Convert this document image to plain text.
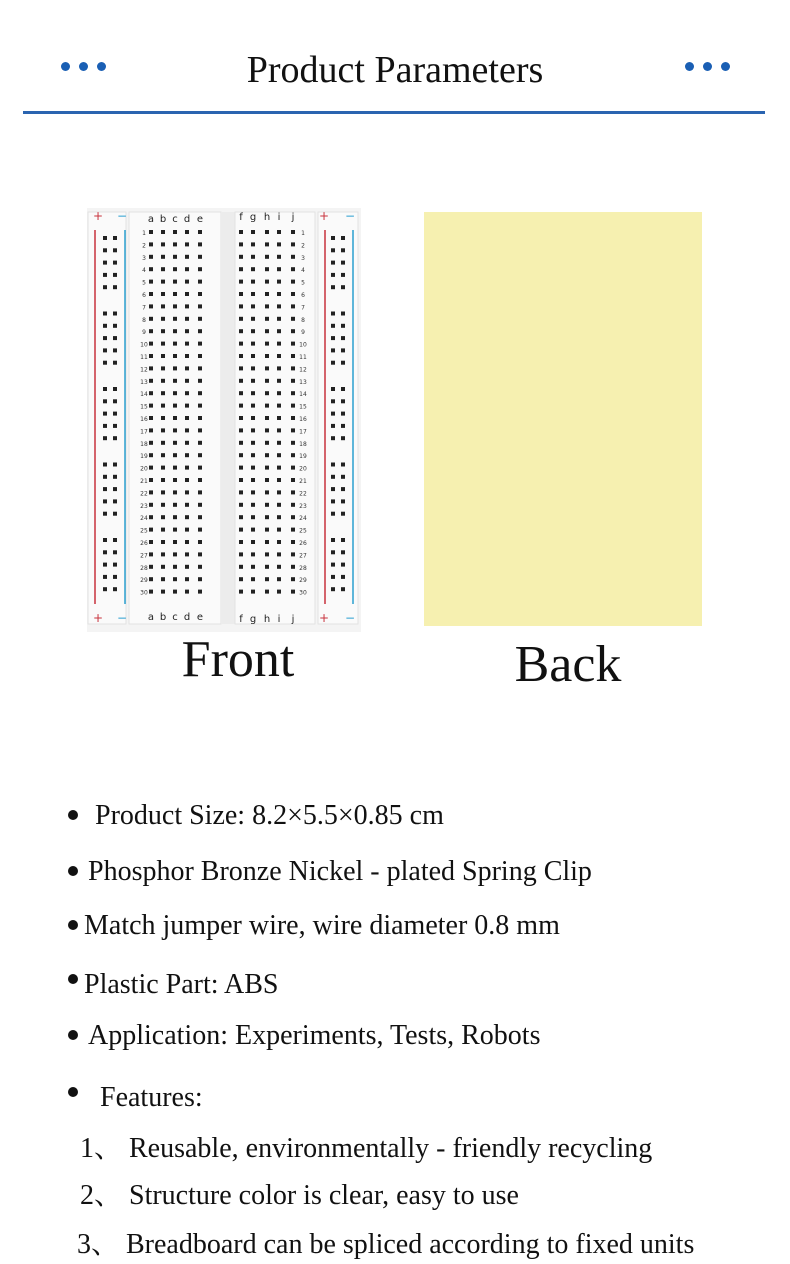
Product Parameters
+ −	+ −
+ −	+ −
a
a
b
b
c
c
d
d
e
e
f
f
g
g
h
h
i
i
j
j
1	1
2	2
3	3
4	4
5	5
6	6
7	7
8	8
9	9
10	10
11	11
12	12
13	13
14	14
15	15
16	16
17	17
18	18
19	19
20	20
21	21
22	22
23	23
24	24
25	25
26	26
27	27
28	28
29	29
30	30
Front	Back
Product Size: 8.2×5.5×0.85 cm
Phosphor Bronze Nickel - plated Spring Clip
Match jumper wire, wire diameter 0.8 mm
Plastic Part: ABS
Application: Experiments, Tests, Robots
Features:
1、 Reusable, environmentally - friendly recycling
2、 Structure color is clear, easy to use
3、 Breadboard can be spliced according to fixed units
